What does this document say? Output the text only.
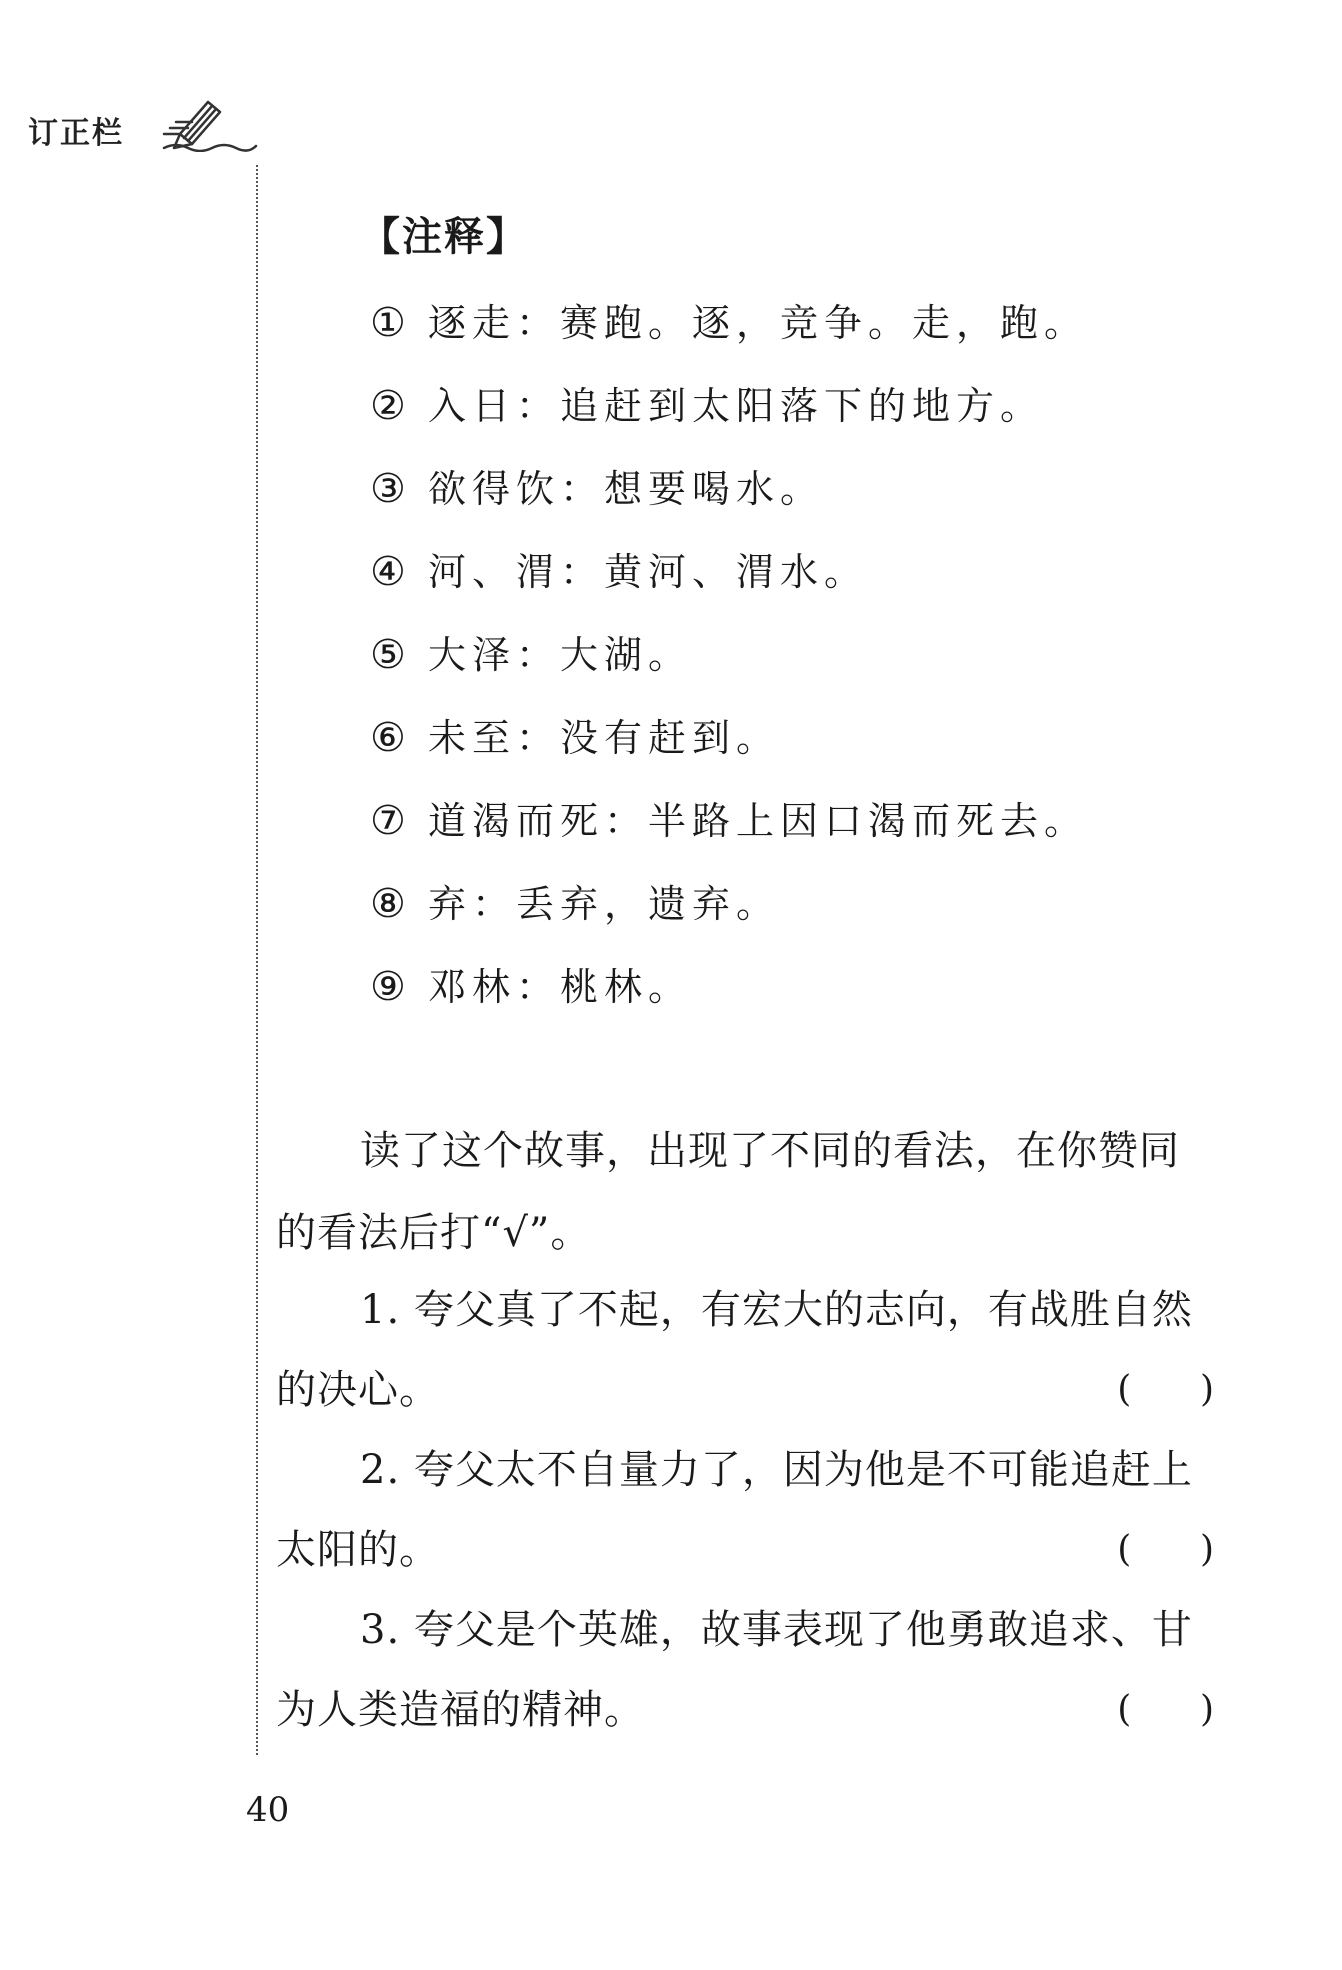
订正栏
【注释】
① 逐走：赛跑。逐，竞争。走，跑。
② 入日：追赶到太阳落下的地方。
③ 欲得饮：想要喝水。
④ 河、渭：黄河、渭水。
⑤ 大泽：大湖。
⑥ 未至：没有赶到。
⑦ 道渴而死：半路上因口渴而死去。
⑧ 弃：丢弃，遗弃。
⑨ 邓林：桃林。

读了这个故事，出现了不同的看法，在你赞同的看法后打“√”。

1. 夸父真了不起，有宏大的志向，有战胜自然的决心。	(      )

2. 夸父太不自量力了，因为他是不可能追赶上太阳的。	(      )

3. 夸父是个英雄，故事表现了他勇敢追求、甘为人类造福的精神。	(      )

40
